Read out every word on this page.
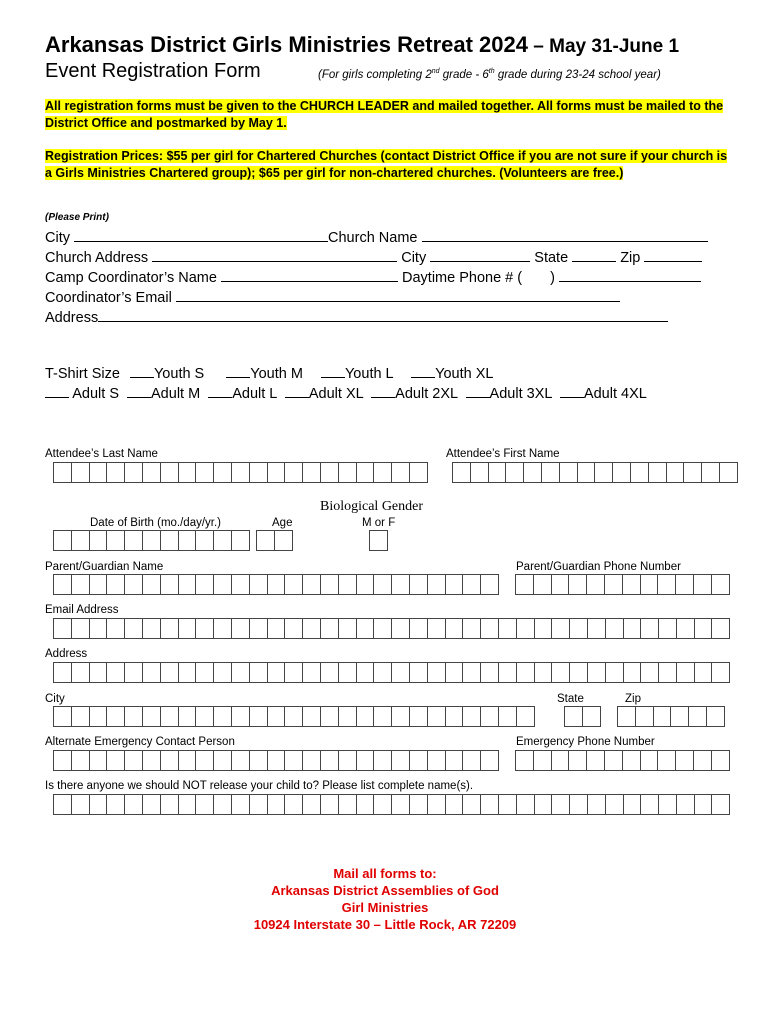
Arkansas District Girls Ministries Retreat 2024 – May 31-June 1
Event Registration Form	(For girls completing 2nd grade - 6th grade during 23-24 school year)
All registration forms must be given to the CHURCH LEADER and mailed together. All forms must be mailed to the District Office and postmarked by May 1.
Registration Prices: $55 per girl for Chartered Churches (contact District Office if you are not sure if your church is a Girls Ministries Chartered group); $65 per girl for non-chartered churches. (Volunteers are free.)
(Please Print)
City	Church Name
Church Address	City	State	Zip
Camp Coordinator’s Name	Daytime Phone # ( )
Coordinator’s Email
Address
T-Shirt Size Youth S	Youth M	Youth L	Youth XL
Adult S Adult M Adult L Adult XL Adult 2XL Adult 3XL Adult 4XL
Attendee’s Last Name	Attendee’s First Name
Biological Gender
Date of Birth (mo./day/yr.)	Age	M or F
Parent/Guardian Name	Parent/Guardian Phone Number
Email Address
Address
City	State	Zip
Alternate Emergency Contact Person	Emergency Phone Number
Is there anyone we should NOT release your child to? Please list complete name(s).
Mail all forms to:
Arkansas District Assemblies of God
Girl Ministries
10924 Interstate 30 – Little Rock, AR 72209
